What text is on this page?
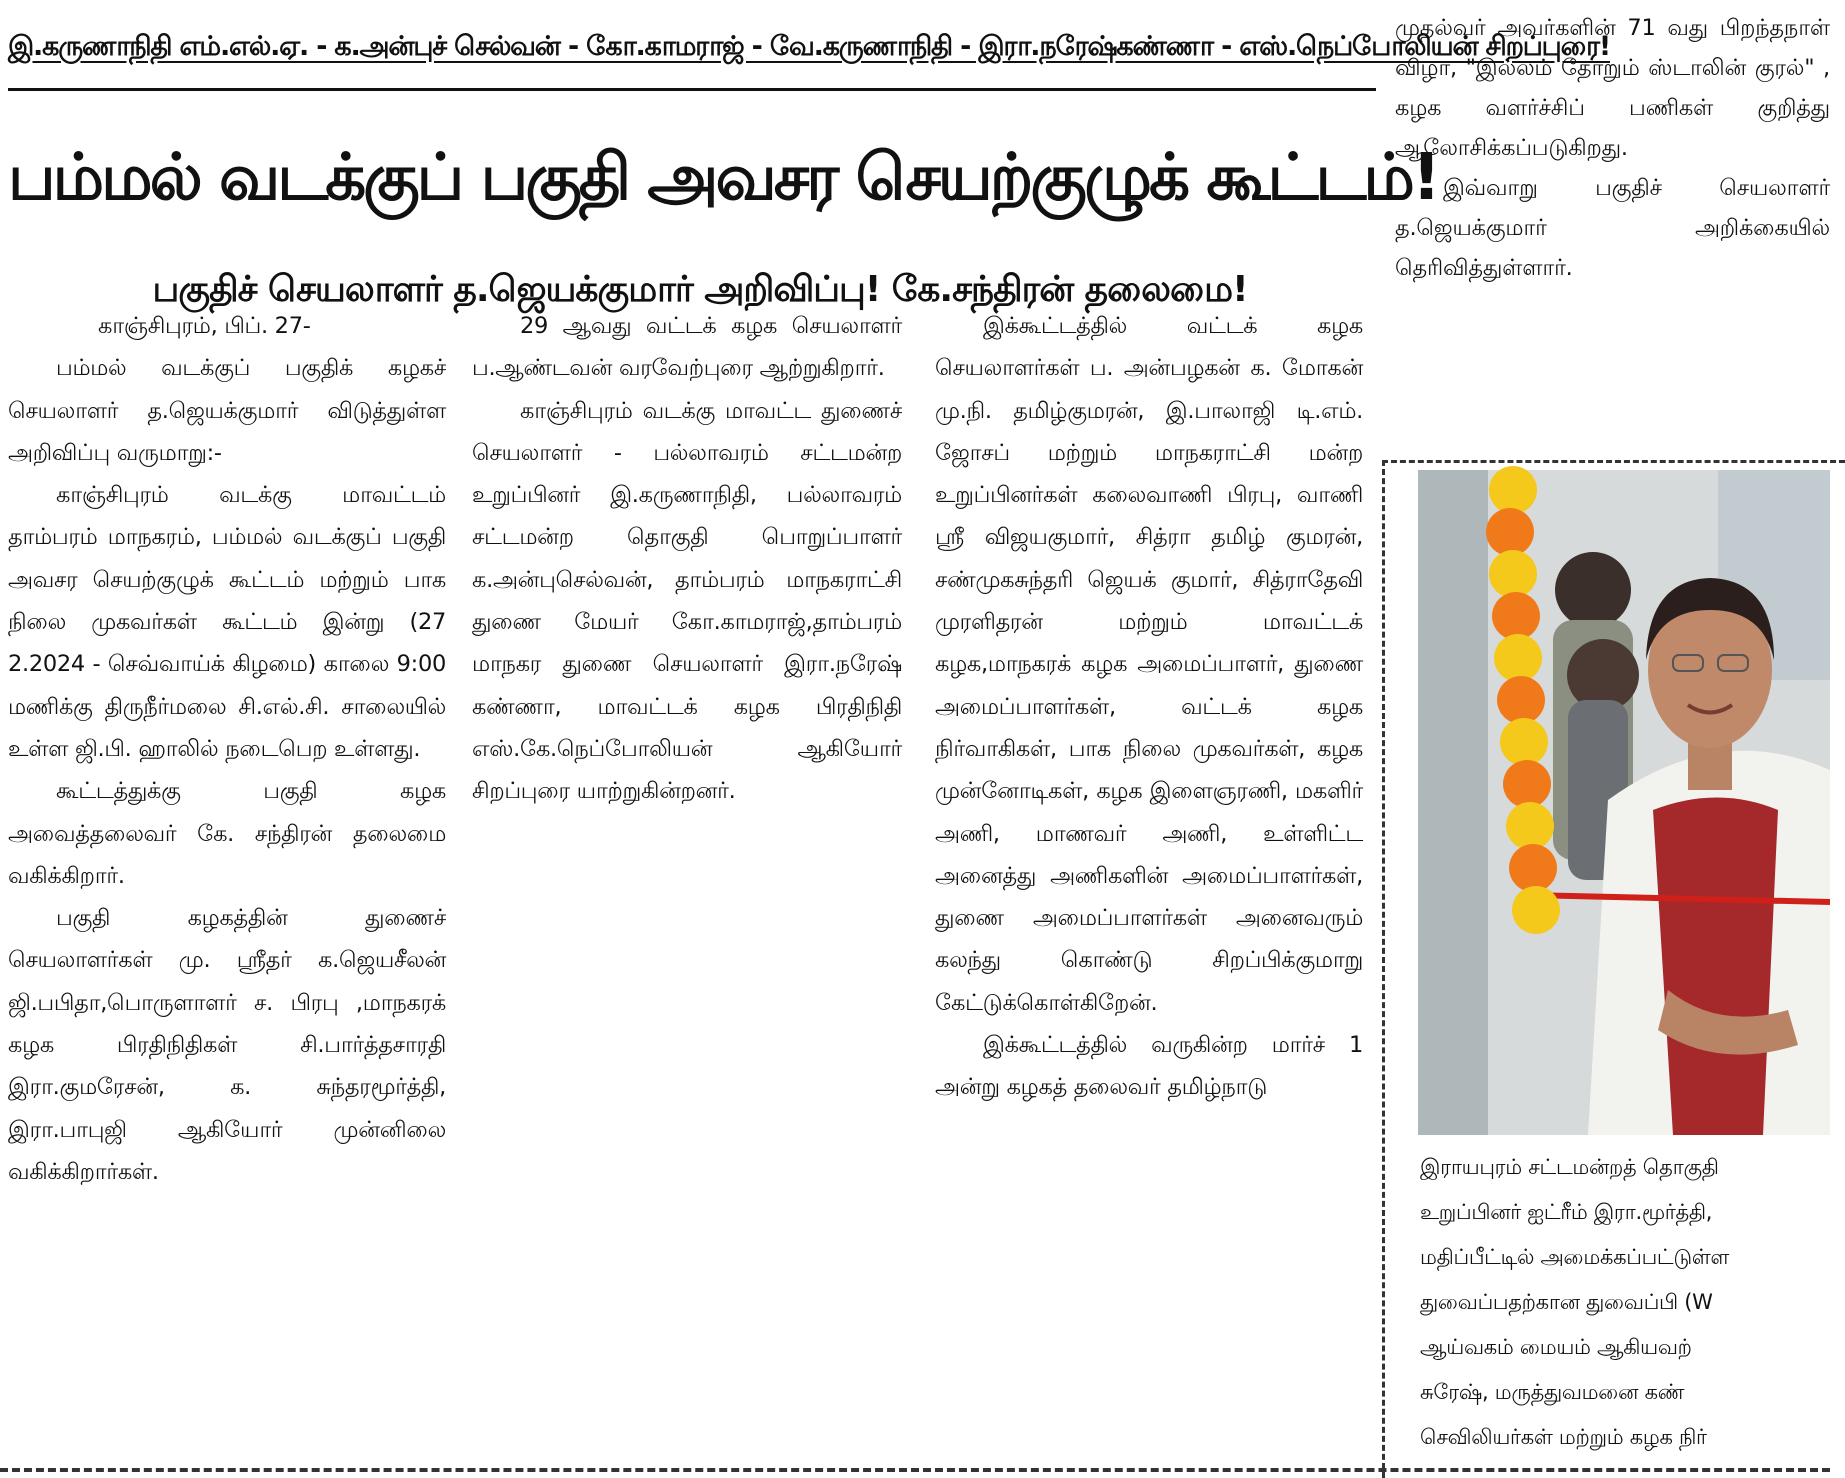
இ.கருணாநிதி எம்.எல்.ஏ. - க.அன்புச் செல்வன் - கோ.காமராஜ் - வே.கருணாநிதி - இரா.நரேஷ்கண்ணா - எஸ்.நெப்போலியன் சிறப்புரை!
பம்மல் வடக்குப் பகுதி அவசர செயற்குழுக் கூட்டம்!
பகுதிச் செயலாளர் த.ஜெயக்குமார் அறிவிப்பு! கே.சந்திரன் தலைமை!

காஞ்சிபுரம், பிப். 27-

பம்மல் வடக்குப் பகுதிக் கழகச் செயலாளர் த.ஜெயக்குமார் விடுத்துள்ள அறிவிப்பு வருமாறு:-

காஞ்சிபுரம் வடக்கு மாவட்டம் தாம்பரம் மாநகரம், பம்மல் வடக்குப் பகுதி அவசர செயற்குழுக் கூட்டம் மற்றும் பாக நிலை முகவர்கள் கூட்டம் இன்று (27 2.2024 - செவ்வாய்க் கிழமை) காலை 9:00 மணிக்கு திருநீர்மலை சி.எல்.சி. சாலையில் உள்ள ஜி.பி. ஹாலில் நடைபெற உள்ளது.

கூட்டத்துக்கு பகுதி கழக அவைத்தலைவர் கே. சந்திரன் தலைமை வகிக்கிறார்.

பகுதி கழகத்தின் துணைச் செயலாளர்கள் மு. ஸ்ரீதர் க.ஜெயசீலன் ஜி.பபிதா,பொருளாளர் ச. பிரபு ,மாநகரக் கழக பிரதிநிதிகள் சி.பார்த்தசாரதி இரா.குமரேசன், க. சுந்தரமூர்த்தி, இரா.பாபுஜி ஆகியோர் முன்னிலை வகிக்கிறார்கள்.

29 ஆவது வட்டக் கழக செயலாளர் ப.ஆண்டவன் வரவேற்புரை ஆற்றுகிறார்.

காஞ்சிபுரம் வடக்கு மாவட்ட துணைச் செயலாளர் - பல்லாவரம் சட்டமன்ற உறுப்பினர் இ.கருணாநிதி, பல்லாவரம் சட்டமன்ற தொகுதி பொறுப்பாளர் க.அன்புசெல்வன், தாம்பரம் மாநகராட்சி துணை மேயர் கோ.காமராஜ்,தாம்பரம் மாநகர துணை செயலாளர் இரா.நரேஷ் கண்ணா, மாவட்டக் கழக பிரதிநிதி எஸ்.கே.நெப்போலியன் ஆகியோர் சிறப்புரை யாற்றுகின்றனர்.

இக்கூட்டத்தில் வட்டக் கழக செயலாளர்கள் ப. அன்பழகன் க. மோகன் மு.நி. தமிழ்குமரன், இ.பாலாஜி டி.எம். ஜோசப் மற்றும் மாநகராட்சி மன்ற உறுப்பினர்கள் கலைவாணி பிரபு, வாணி ஸ்ரீ விஜயகுமார், சித்ரா தமிழ் குமரன், சண்முகசுந்தரி ஜெயக் குமார், சித்ராதேவி முரளிதரன் மற்றும் மாவட்டக் கழக,மாநகரக் கழக அமைப்பாளர், துணை அமைப்பாளர்கள், வட்டக் கழக நிர்வாகிகள், பாக நிலை முகவர்கள், கழக முன்னோடிகள், கழக இளைஞரணி, மகளிர் அணி, மாணவர் அணி, உள்ளிட்ட அனைத்து அணிகளின் அமைப்பாளர்கள், துணை அமைப்பாளர்கள் அனைவரும் கலந்து கொண்டு சிறப்பிக்குமாறு கேட்டுக்கொள்கிறேன்.

இக்கூட்டத்தில் வருகின்ற மார்ச் 1 அன்று கழகத் தலைவர் தமிழ்நாடு

முதல்வர் அவர்களின் 71 வது பிறந்தநாள் விழா, "இல்லம் தோறும் ஸ்டாலின் குரல்" , கழக வளர்ச்சிப் பணிகள் குறித்து ஆலோசிக்கப்படுகிறது.

இவ்வாறு பகுதிச் செயலாளர் த.ஜெயக்குமார் அறிக்கையில் தெரிவித்துள்ளார்.

இராயபுரம் சட்டமன்றத் தொகுதி
உறுப்பினர் ஐட்ரீம் இரா.மூர்த்தி,
மதிப்பீட்டில் அமைக்கப்பட்டுள்ள
துவைப்பதற்கான துவைப்பி (W
ஆய்வகம் மையம் ஆகியவற்
சுரேஷ், மருத்துவமனை கண்
செவிலியர்கள் மற்றும் கழக நிர்
